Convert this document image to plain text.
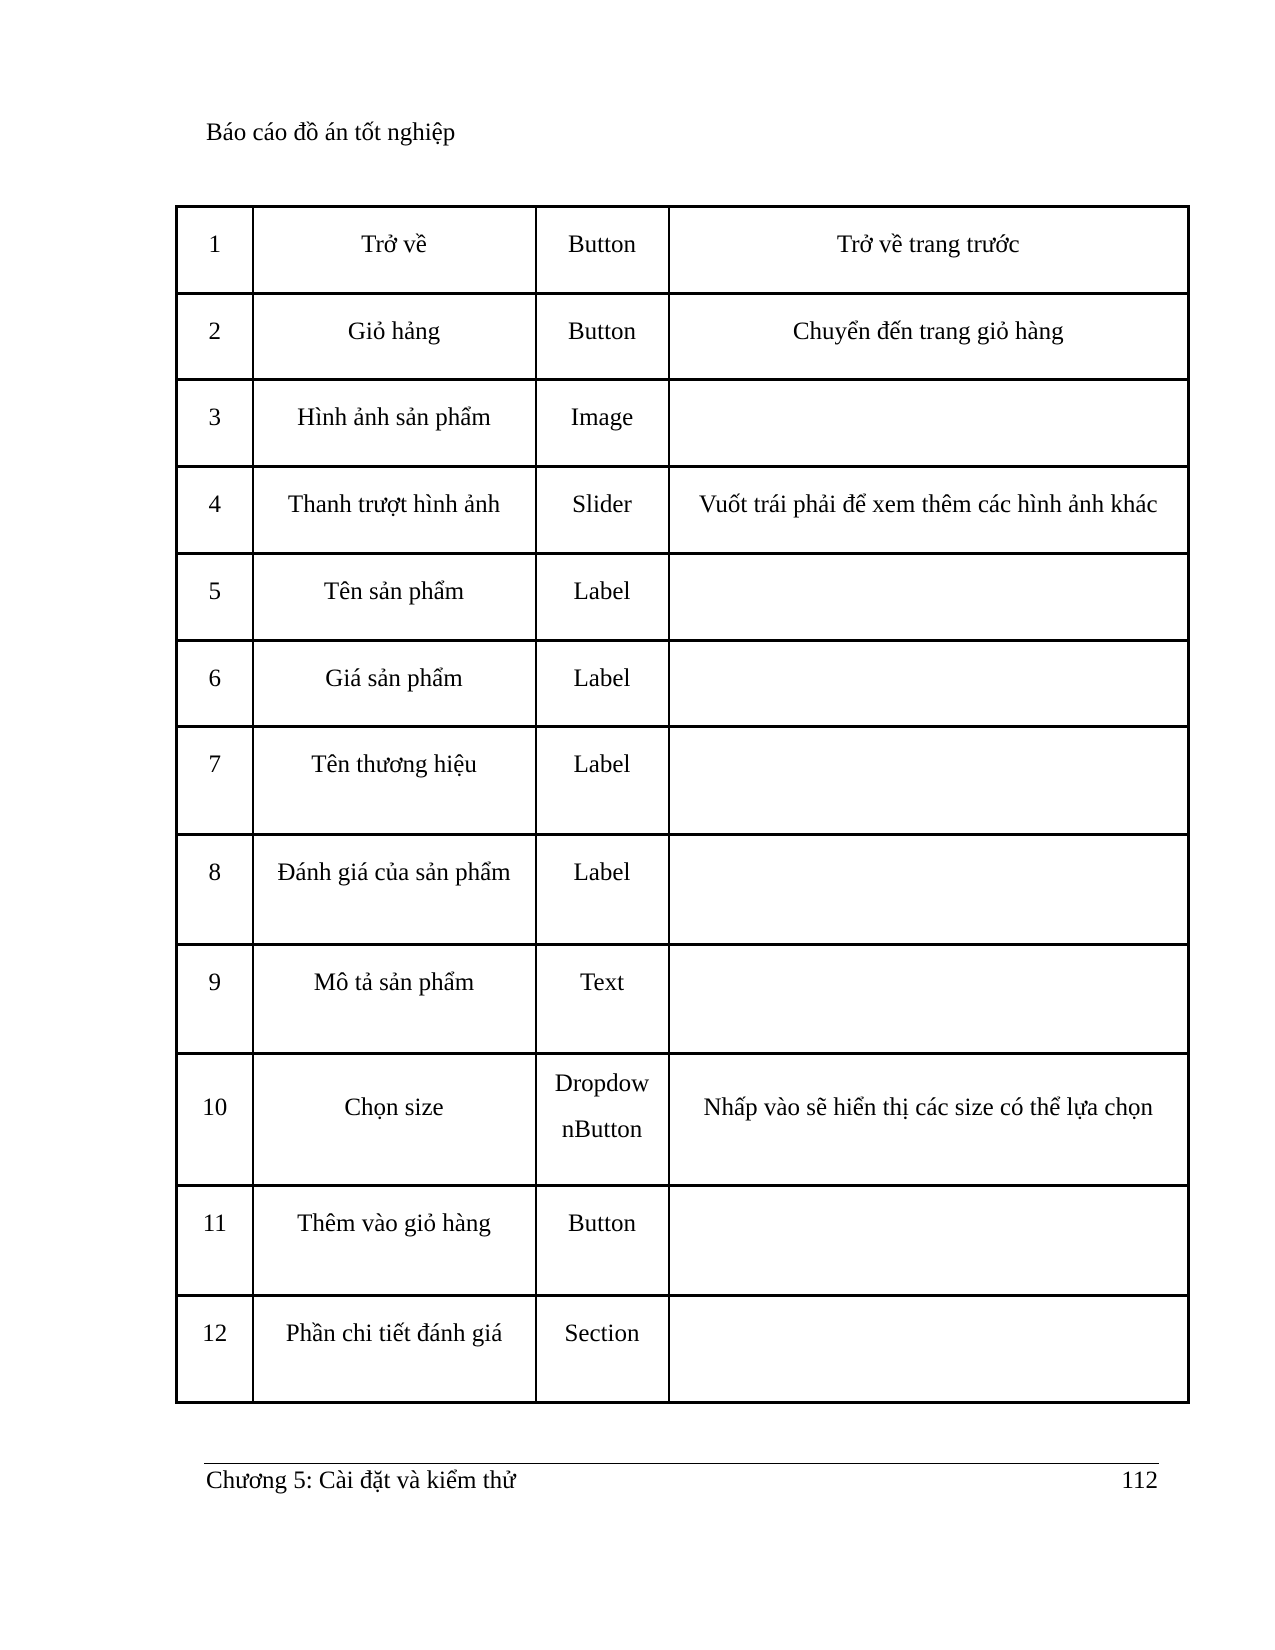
Báo cáo đồ án tốt nghiệp
1	Trở về	Button	Trở về trang trước
2	Giỏ hảng	Button	Chuyển đến trang giỏ hàng
3	Hình ảnh sản phẩm	Image	
4	Thanh trượt hình ảnh	Slider	Vuốt trái phải để xem thêm các hình ảnh khác
5	Tên sản phẩm	Label	
6	Giá sản phẩm	Label	
7	Tên thương hiệu	Label	
8	Đánh giá của sản phẩm	Label	
9	Mô tả sản phẩm	Text	
10	Chọn size	Dropdow nButton	Nhấp vào sẽ hiển thị các size có thể lựa chọn
11	Thêm vào giỏ hàng	Button	
12	Phần chi tiết đánh giá	Section	
Chương 5: Cài đặt và kiểm thử	112
